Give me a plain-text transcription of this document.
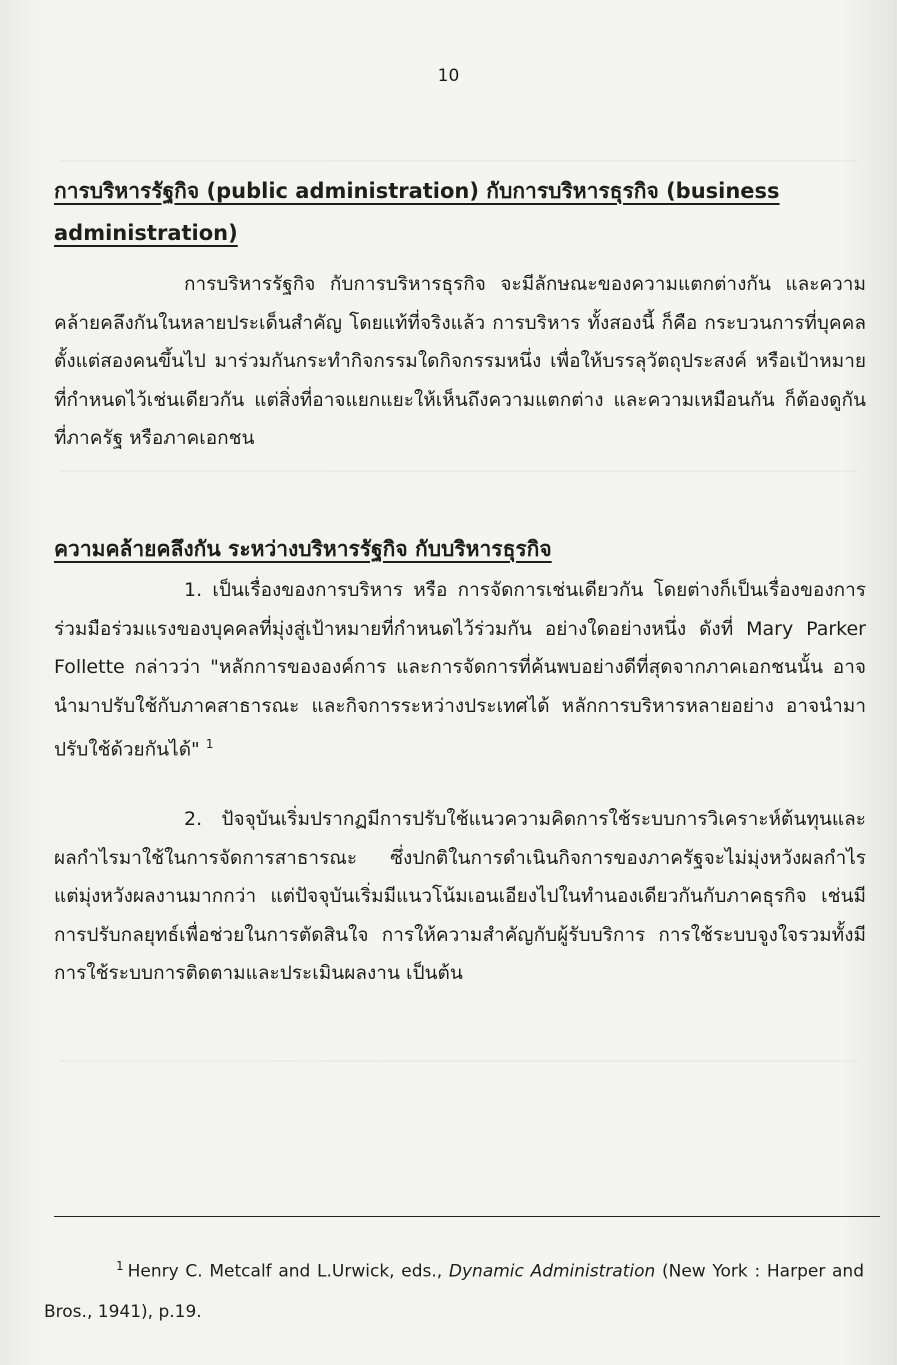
10
การบริหารรัฐกิจ (public administration) กับการบริหารธุรกิจ (business administration)

การบริหารรัฐกิจ กับการบริหารธุรกิจ จะมีลักษณะของความแตกต่างกัน และความคล้ายคลึงกันในหลายประเด็นสำคัญ โดยแท้ที่จริงแล้ว การบริหาร ทั้งสองนี้ ก็คือ กระบวนการที่บุคคลตั้งแต่สองคนขึ้นไป มาร่วมกันกระทำกิจกรรมใดกิจกรรมหนึ่ง เพื่อให้บรรลุวัตถุประสงค์ หรือเป้าหมาย ที่กำหนดไว้เช่นเดียวกัน แต่สิ่งที่อาจแยกแยะให้เห็นถึงความแตกต่าง และความเหมือนกัน ก็ต้องดูกันที่ภาครัฐ หรือภาคเอกชน

ความคล้ายคลึงกัน ระหว่างบริหารรัฐกิจ กับบริหารธุรกิจ

1. เป็นเรื่องของการบริหาร หรือ การจัดการเช่นเดียวกัน โดยต่างก็เป็นเรื่องของการร่วมมือร่วมแรงของบุคคลที่มุ่งสู่เป้าหมายที่กำหนดไว้ร่วมกัน อย่างใดอย่างหนึ่ง ดังที่ Mary Parker Follette กล่าวว่า "หลักการขององค์การ และการจัดการที่ค้นพบอย่างดีที่สุดจากภาคเอกชนนั้น อาจนำมาปรับใช้กับภาคสาธารณะ และกิจการระหว่างประเทศได้ หลักการบริหารหลายอย่าง อาจนำมาปรับใช้ด้วยกันได้" $^1$

2. ปัจจุบันเริ่มปรากฏมีการปรับใช้แนวความคิดการใช้ระบบการวิเคราะห์ต้นทุนและผลกำไรมาใช้ในการจัดการสาธารณะ ซึ่งปกติในการดำเนินกิจการของภาครัฐจะไม่มุ่งหวังผลกำไร แต่มุ่งหวังผลงานมากกว่า แต่ปัจจุบันเริ่มมีแนวโน้มเอนเอียงไปในทำนองเดียวกันกับภาคธุรกิจ เช่นมีการปรับกลยุทธ์เพื่อช่วยในการตัดสินใจ การให้ความสำคัญกับผู้รับบริการ การใช้ระบบจูงใจรวมทั้งมีการใช้ระบบการติดตามและประเมินผลงาน เป็นต้น

$^1$ Henry C. Metcalf and L.Urwick, eds., Dynamic Administration (New York : Harper and Bros., 1941), p.19.
